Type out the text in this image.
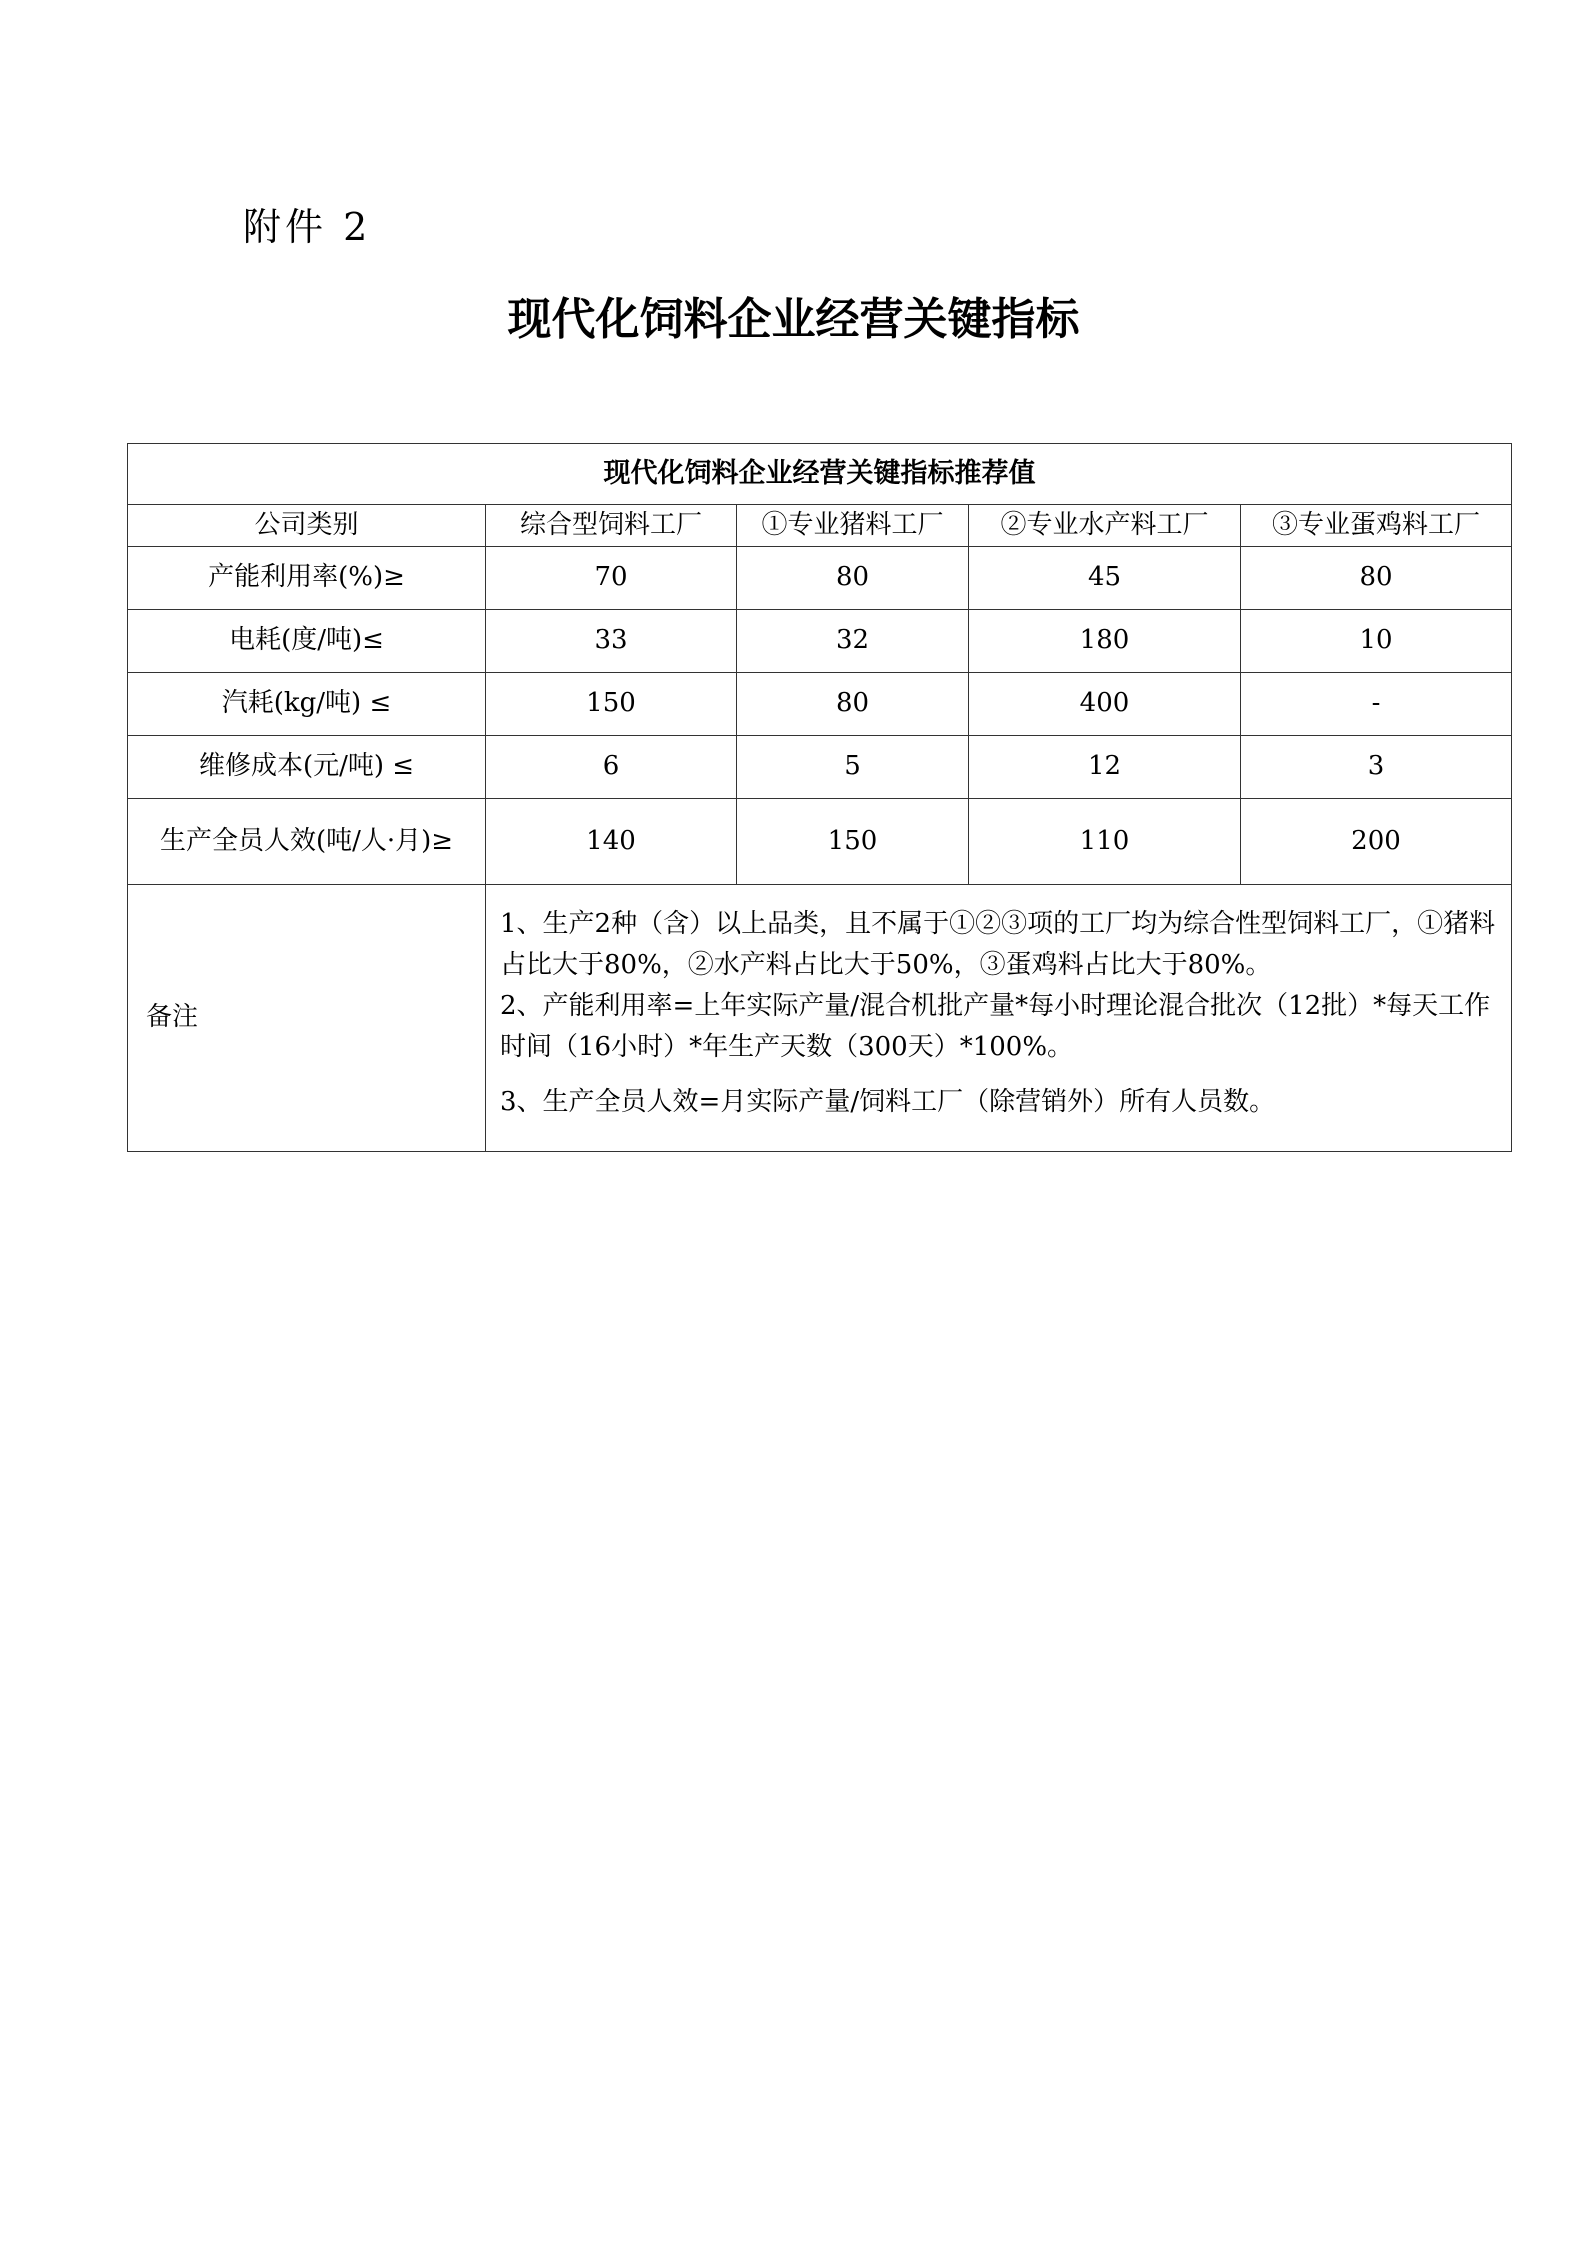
附件 2
现代化饲料企业经营关键指标
现代化饲料企业经营关键指标推荐值				
公司类别	综合型饲料工厂	①专业猪料工厂	②专业水产料工厂	③专业蛋鸡料工厂
产能利用率(%)≥	70	80	45	80
电耗(度/吨)≤	33	32	180	10
汽耗(kg/吨) ≤	150	80	400	-
维修成本(元/吨) ≤	6	5	12	3
生产全员人效(吨/人·月)≥	140	150	110	200
备注	1、生产2种（含）以上品类，且不属于①②③项的工厂均为综合性型饲料工厂，①猪料占比大于80%，②水产料占比大于50%，③蛋鸡料占比大于80%。
2、产能利用率=上年实际产量/混合机批产量*每小时理论混合批次（12批）*每天工作时间（16小时）*年生产天数（300天）*100%。
3、生产全员人效=月实际产量/饲料工厂（除营销外）所有人员数。			
